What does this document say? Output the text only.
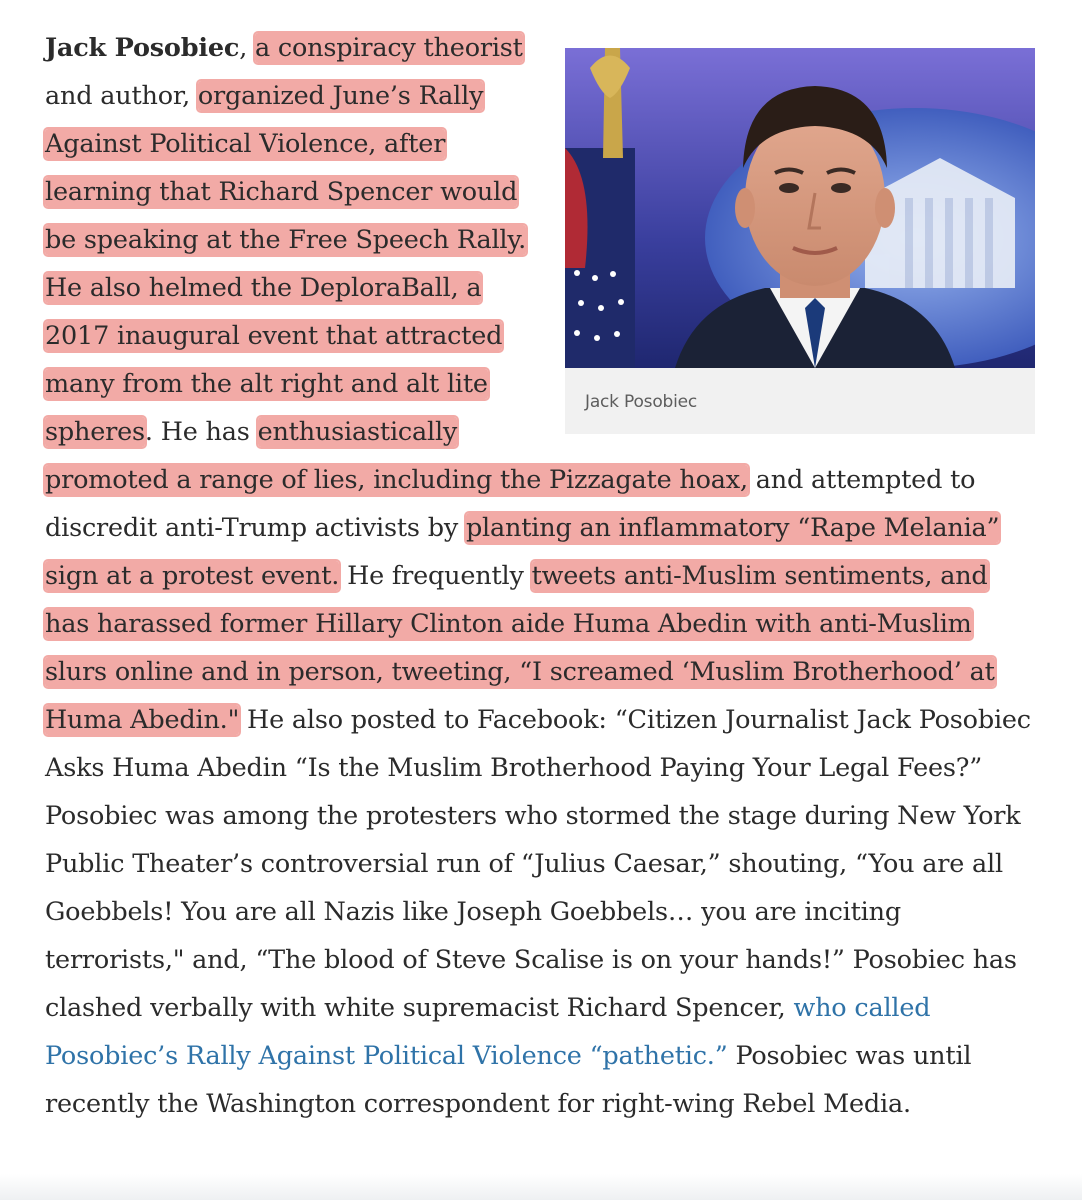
Jack Posobiec
Jack Posobiec, a conspiracy theorist and author, organized June’s Rally Against Political Violence, after learning that Richard Spencer would be speaking at the Free Speech Rally. He also helmed the DeploraBall, a 2017 inaugural event that attracted many from the alt right and alt lite spheres. He has enthusiastically promoted a range of lies, including the Pizzagate hoax, and attempted to discredit anti-Trump activists by planting an inflammatory “Rape Melania” sign at a protest event. He frequently tweets anti-Muslim sentiments, and has harassed former Hillary Clinton aide Huma Abedin with anti-Muslim slurs online and in person, tweeting, “I screamed ‘Muslim Brotherhood’ at Huma Abedin." He also posted to Facebook: “Citizen Journalist Jack Posobiec Asks Huma Abedin “Is the Muslim Brotherhood Paying Your Legal Fees?” Posobiec was among the protesters who stormed the stage during New York Public Theater’s controversial run of “Julius Caesar,” shouting, “You are all Goebbels! You are all Nazis like Joseph Goebbels… you are inciting terrorists," and, “The blood of Steve Scalise is on your hands!” Posobiec has clashed verbally with white supremacist Richard Spencer, who called Posobiec’s Rally Against Political Violence “pathetic.” Posobiec was until recently the Washington correspondent for right-wing Rebel Media.
